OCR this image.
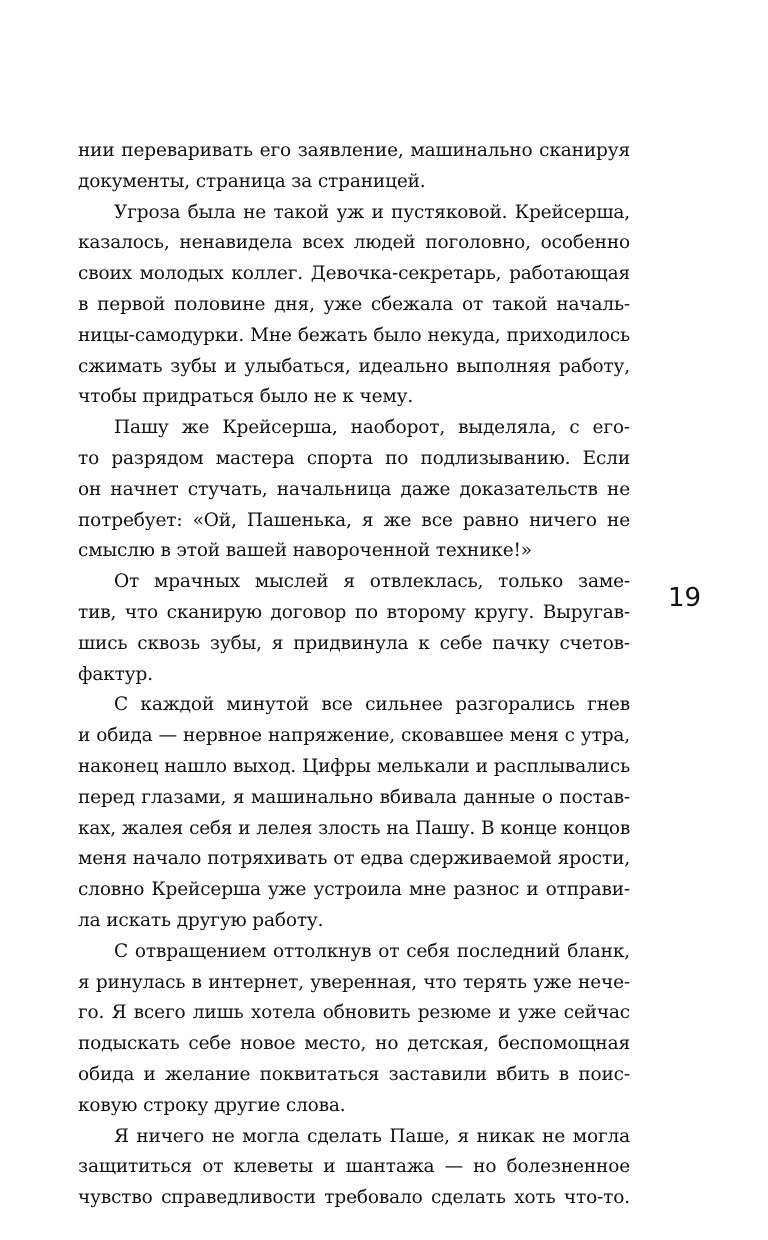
нии переваривать его заявление, машинально сканируя
документы, страница за страницей.
Угроза была не такой уж и пустяковой. Крейсерша,
казалось, ненавидела всех людей поголовно, особенно
своих молодых коллег. Девочка-секретарь, работающая
в первой половине дня, уже сбежала от такой началь-
ницы-самодурки. Мне бежать было некуда, приходилось
сжимать зубы и улыбаться, идеально выполняя работу,
чтобы придраться было не к чему.
Пашу же Крейсерша, наоборот, выделяла, с его-
то разрядом мастера спорта по подлизыванию. Если
он начнет стучать, начальница даже доказательств не
потребует: «Ой, Пашенька, я же все равно ничего не
смыслю в этой вашей навороченной технике!»
От мрачных мыслей я отвлеклась, только заме-
тив, что сканирую договор по второму кругу. Выругав-
шись сквозь зубы, я придвинула к себе пачку счетов-
фактур.
С каждой минутой все сильнее разгорались гнев
и обида — нервное напряжение, сковавшее меня с утра,
наконец нашло выход. Цифры мелькали и расплывались
перед глазами, я машинально вбивала данные о постав-
ках, жалея себя и лелея злость на Пашу. В конце концов
меня начало потряхивать от едва сдерживаемой ярости,
словно Крейсерша уже устроила мне разнос и отправи-
ла искать другую работу.
С отвращением оттолкнув от себя последний бланк,
я ринулась в интернет, уверенная, что терять уже нече-
го. Я всего лишь хотела обновить резюме и уже сейчас
подыскать себе новое место, но детская, беспомощная
обида и желание поквитаться заставили вбить в поис-
ковую строку другие слова.
Я ничего не могла сделать Паше, я никак не могла
защититься от клеветы и шантажа — но болезненное
чувство справедливости требовало сделать хоть что-то.
19
